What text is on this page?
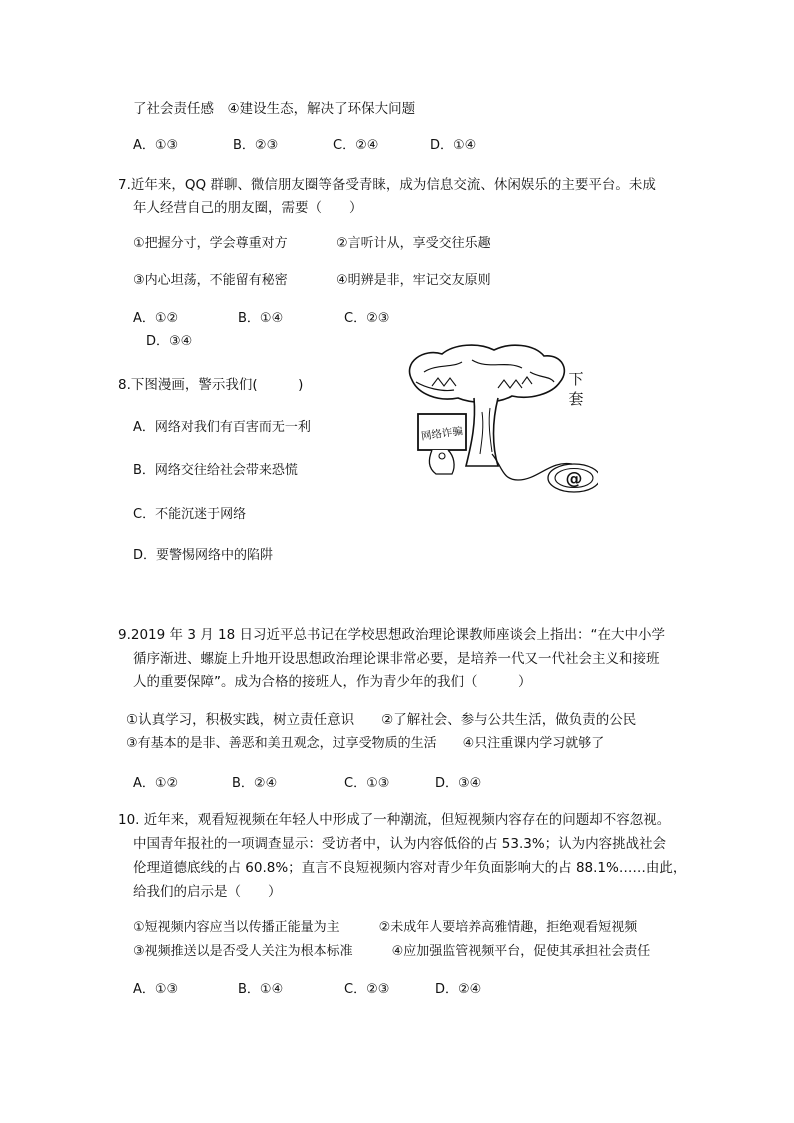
了社会责任感　④建设生态，解决了环保大问题
A．①③	B．②③	C．②④	D．①④
7.近年来，QQ 群聊、微信朋友圈等备受青睐，成为信息交流、休闲娱乐的主要平台。未成
年人经营自己的朋友圈，需要（　　）
①把握分寸，学会尊重对方	②言听计从，享受交往乐趣
③内心坦荡，不能留有秘密	④明辨是非，牢记交友原则
A．①②	B．①④	C．②③
D．③④
8.下图漫画，警示我们(　　　)
A．网络对我们有百害而无一利
B．网络交往给社会带来恐慌
C．不能沉迷于网络
D．要警惕网络中的陷阱
网络诈骗
@
下
套
9.2019 年 3 月 18 日习近平总书记在学校思想政治理论课教师座谈会上指出：“在大中小学
循序渐进、螺旋上升地开设思想政治理论课非常必要，是培养一代又一代社会主义和接班
人的重要保障”。成为合格的接班人，作为青少年的我们（　　　）
①认真学习，积极实践，树立责任意识　　②了解社会、参与公共生活，做负责的公民
③有基本的是非、善恶和美丑观念，过享受物质的生活　　④只注重课内学习就够了
A．①②	B．②④	C．①③	D．③④
10. 近年来，观看短视频在年轻人中形成了一种潮流，但短视频内容存在的问题却不容忽视。
中国青年报社的一项调查显示：受访者中，认为内容低俗的占 53.3%；认为内容挑战社会
伦理道德底线的占 60.8%；直言不良短视频内容对青少年负面影响大的占 88.1%……由此，
给我们的启示是（　　）
①短视频内容应当以传播正能量为主　　　②未成年人要培养高雅情趣，拒绝观看短视频
③视频推送以是否受人关注为根本标准　　　④应加强监管视频平台，促使其承担社会责任
A．①③	B．①④	C．②③	D．②④
